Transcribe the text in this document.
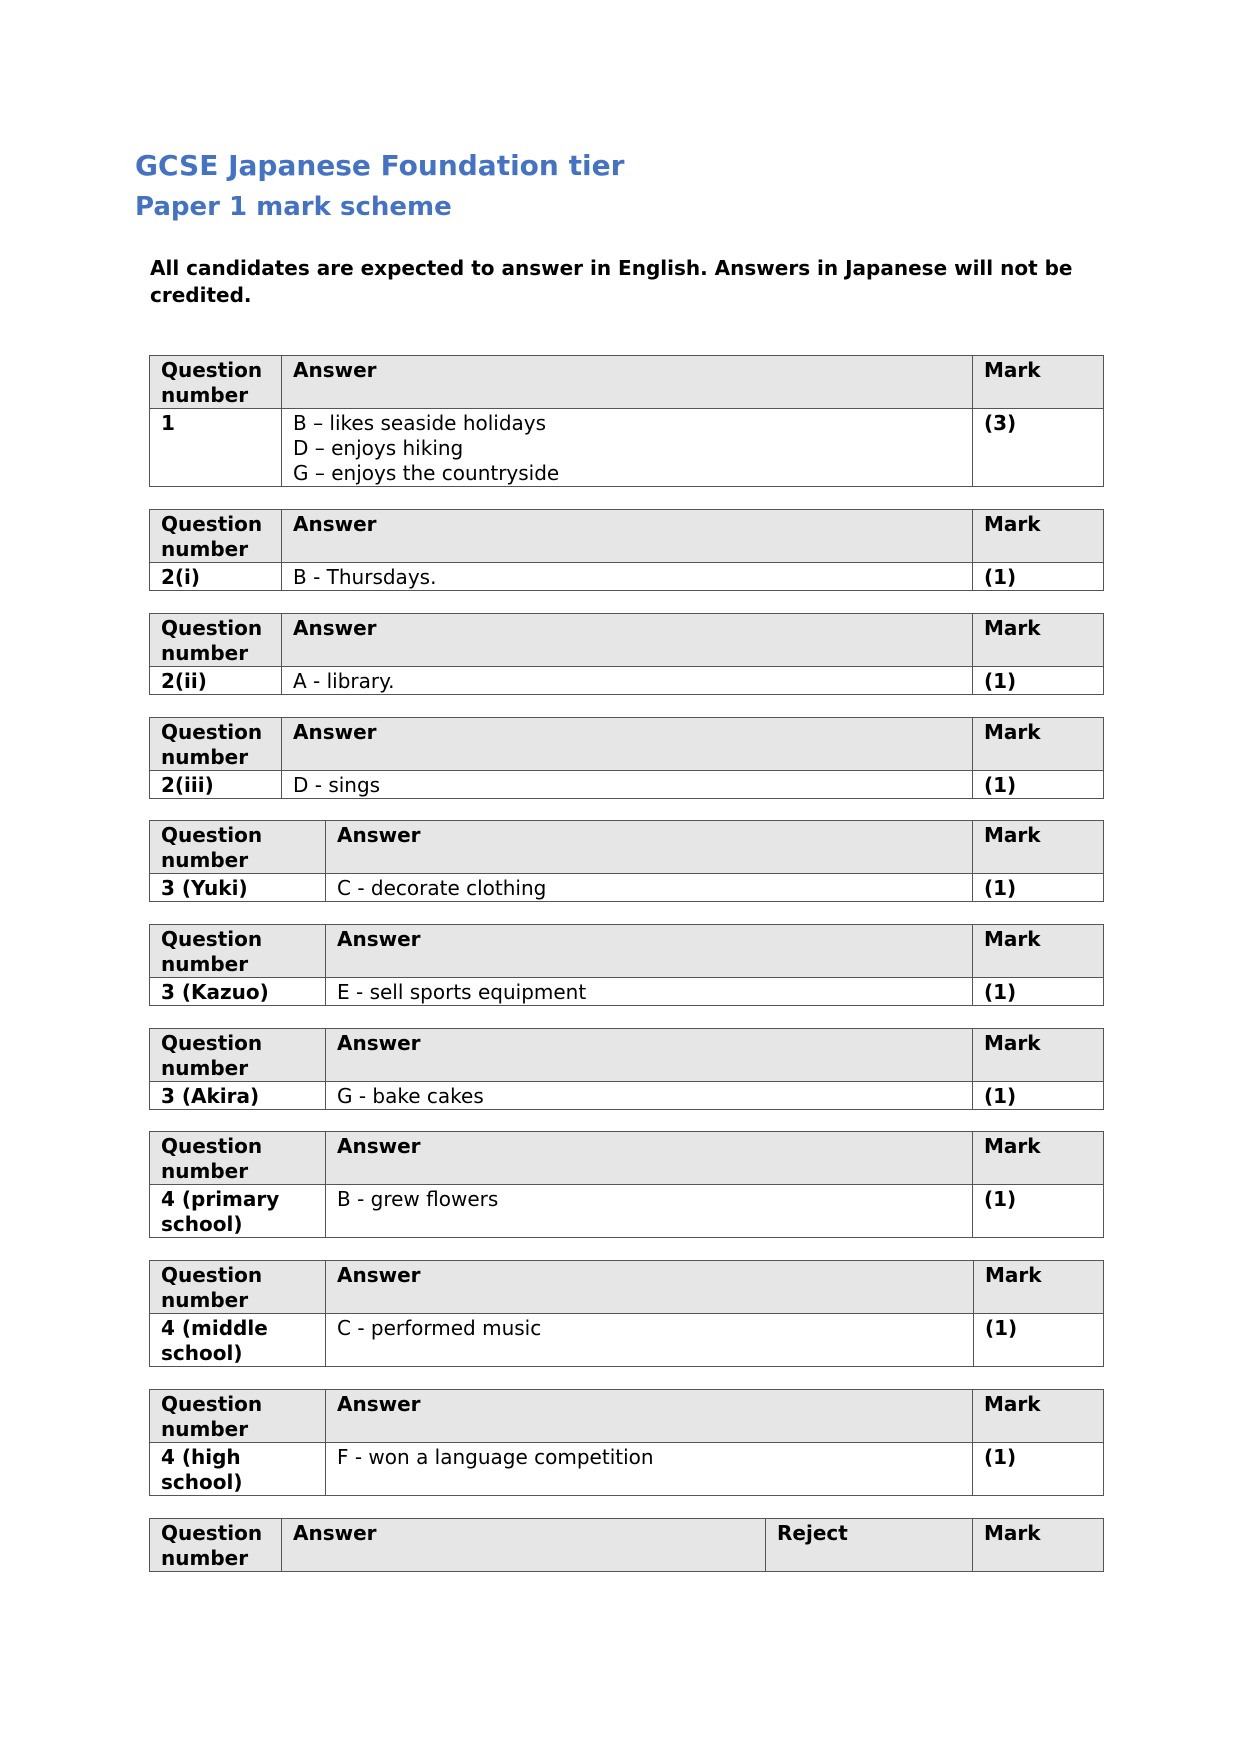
GCSE Japanese Foundation tier
Paper 1 mark scheme

All candidates are expected to answer in English. Answers in Japanese will not be credited.

Question number	Answer	Mark
1	B – likes seaside holidays
D – enjoys hiking
G – enjoys the countryside	(3)
Question number	Answer	Mark
2(i)	B - Thursdays.	(1)
Question number	Answer	Mark
2(ii)	A - library.	(1)
Question number	Answer	Mark
2(iii)	D - sings	(1)
Question number	Answer	Mark
3 (Yuki)	C - decorate clothing	(1)
Question number	Answer	Mark
3 (Kazuo)	E - sell sports equipment	(1)
Question number	Answer	Mark
3 (Akira)	G - bake cakes	(1)
Question number	Answer	Mark
4 (primary school)	B - grew flowers	(1)
Question number	Answer	Mark
4 (middle school)	C - performed music	(1)
Question number	Answer	Mark
4 (high school)	F - won a language competition	(1)
Question number	Answer	Reject	Mark
